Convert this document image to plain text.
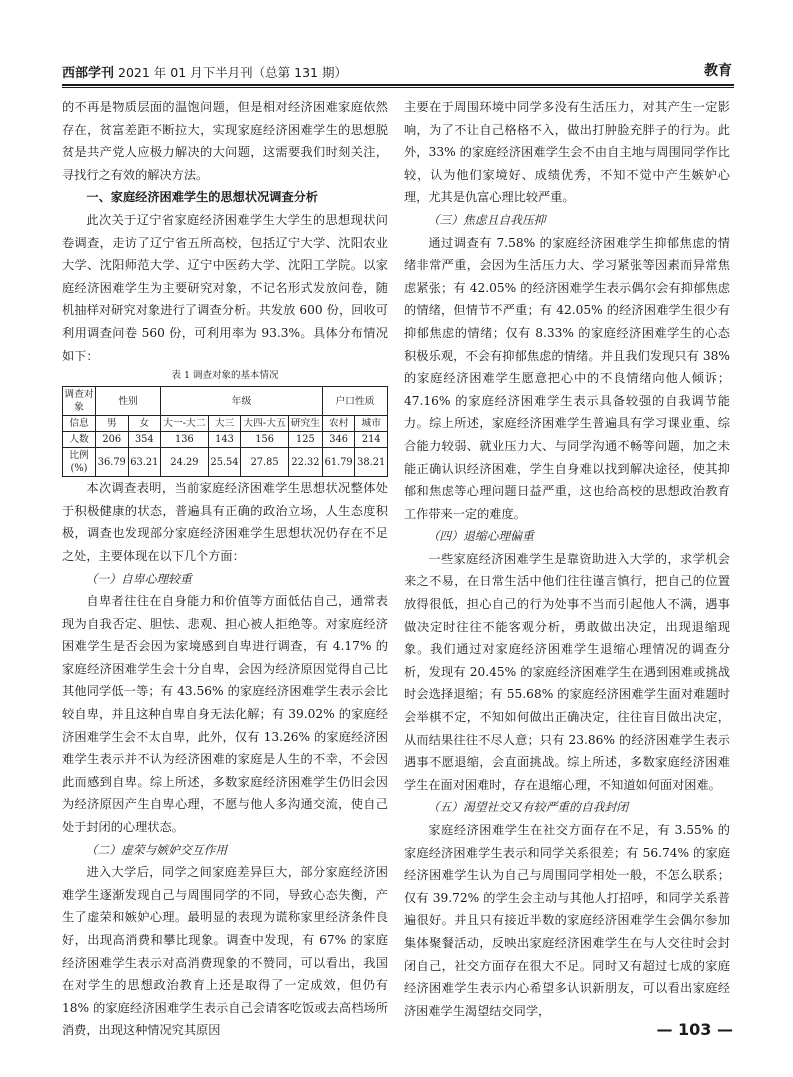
西部学刊 2021 年 01 月下半月刊（总第 131 期）	教育

的不再是物质层面的温饱问题，但是相对经济困难家庭依然存在，贫富差距不断拉大，实现家庭经济困难学生的思想脱贫是共产党人应极力解决的大问题，这需要我们时刻关注，寻找行之有效的解决方法。

一、家庭经济困难学生的思想状况调查分析

此次关于辽宁省家庭经济困难学生大学生的思想现状问卷调查，走访了辽宁省五所高校，包括辽宁大学、沈阳农业大学、沈阳师范大学、辽宁中医药大学、沈阳工学院。以家庭经济困难学生为主要研究对象，不记名形式发放问卷，随机抽样对研究对象进行了调查分析。共发放 600 份，回收可利用调查问卷 560 份，可利用率为 93.3%。具体分布情况如下：

表 1 调查对象的基本情况
调查对象	性别		年级				户口性质	
信息	男	女	大一-大二	大三	大四-大五	研究生	农村	城市
人数	206	354	136	143	156	125	346	214
比例(%)	36.79	63.21	24.29	25.54	27.85	22.32	61.79	38.21

本次调查表明，当前家庭经济困难学生思想状况整体处于积极健康的状态，普遍具有正确的政治立场，人生态度积极，调查也发现部分家庭经济困难学生思想状况仍存在不足之处，主要体现在以下几个方面：

（一）自卑心理较重

自卑者往往在自身能力和价值等方面低估自己，通常表现为自我否定、胆怯、悲观、担心被人拒绝等。对家庭经济困难学生是否会因为家境感到自卑进行调查，有 4.17% 的家庭经济困难学生会十分自卑，会因为经济原因觉得自己比其他同学低一等；有 43.56% 的家庭经济困难学生表示会比较自卑，并且这种自卑自身无法化解；有 39.02% 的家庭经济困难学生会不太自卑，此外，仅有 13.26% 的家庭经济困难学生表示并不认为经济困难的家庭是人生的不幸，不会因此而感到自卑。综上所述，多数家庭经济困难学生仍旧会因为经济原因产生自卑心理，不愿与他人多沟通交流，使自己处于封闭的心理状态。

（二）虚荣与嫉妒交互作用

进入大学后，同学之间家庭差异巨大，部分家庭经济困难学生逐渐发现自己与周围同学的不同，导致心态失衡，产生了虚荣和嫉妒心理。最明显的表现为谎称家里经济条件良好，出现高消费和攀比现象。调查中发现，有 67% 的家庭经济困难学生表示对高消费现象的不赞同，可以看出，我国在对学生的思想政治教育上还是取得了一定成效，但仍有 18% 的家庭经济困难学生表示自己会请客吃饭或去高档场所消费，出现这种情况究其原因

主要在于周围环境中同学多没有生活压力，对其产生一定影响，为了不让自己格格不入，做出打肿脸充胖子的行为。此外，33% 的家庭经济困难学生会不由自主地与周围同学作比较，认为他们家境好、成绩优秀，不知不觉中产生嫉妒心理，尤其是仇富心理比较严重。

（三）焦虑且自我压抑

通过调查有 7.58% 的家庭经济困难学生抑郁焦虑的情绪非常严重，会因为生活压力大、学习紧张等因素而异常焦虑紧张；有 42.05% 的经济困难学生表示偶尔会有抑郁焦虑的情绪，但情节不严重；有 42.05% 的经济困难学生很少有抑郁焦虑的情绪；仅有 8.33% 的家庭经济困难学生的心态积极乐观，不会有抑郁焦虑的情绪。并且我们发现只有 38% 的家庭经济困难学生愿意把心中的不良情绪向他人倾诉；47.16% 的家庭经济困难学生表示具备较强的自我调节能力。综上所述，家庭经济困难学生普遍具有学习课业重、综合能力较弱、就业压力大、与同学沟通不畅等问题，加之未能正确认识经济困难，学生自身难以找到解决途径，使其抑郁和焦虑等心理问题日益严重，这也给高校的思想政治教育工作带来一定的难度。

（四）退缩心理偏重

一些家庭经济困难学生是靠资助进入大学的，求学机会来之不易，在日常生活中他们往往谨言慎行，把自己的位置放得很低，担心自己的行为处事不当而引起他人不满，遇事做决定时往往不能客观分析，勇敢做出决定，出现退缩现象。我们通过对家庭经济困难学生退缩心理情况的调查分析，发现有 20.45% 的家庭经济困难学生在遇到困难或挑战时会选择退缩；有 55.68% 的家庭经济困难学生面对难题时会举棋不定，不知如何做出正确决定，往往盲目做出决定，从而结果往往不尽人意；只有 23.86% 的经济困难学生表示遇事不愿退缩，会直面挑战。综上所述，多数家庭经济困难学生在面对困难时，存在退缩心理，不知道如何面对困难。

（五）渴望社交又有较严重的自我封闭

家庭经济困难学生在社交方面存在不足，有 3.55% 的家庭经济困难学生表示和同学关系很差；有 56.74% 的家庭经济困难学生认为自己与周围同学相处一般，不怎么联系；仅有 39.72% 的学生会主动与其他人打招呼，和同学关系普遍很好。并且只有接近半数的家庭经济困难学生会偶尔参加集体聚餐活动，反映出家庭经济困难学生在与人交往时会封闭自己，社交方面存在很大不足。同时又有超过七成的家庭经济困难学生表示内心希望多认识新朋友，可以看出家庭经济困难学生渴望结交同学，

— 103 —
